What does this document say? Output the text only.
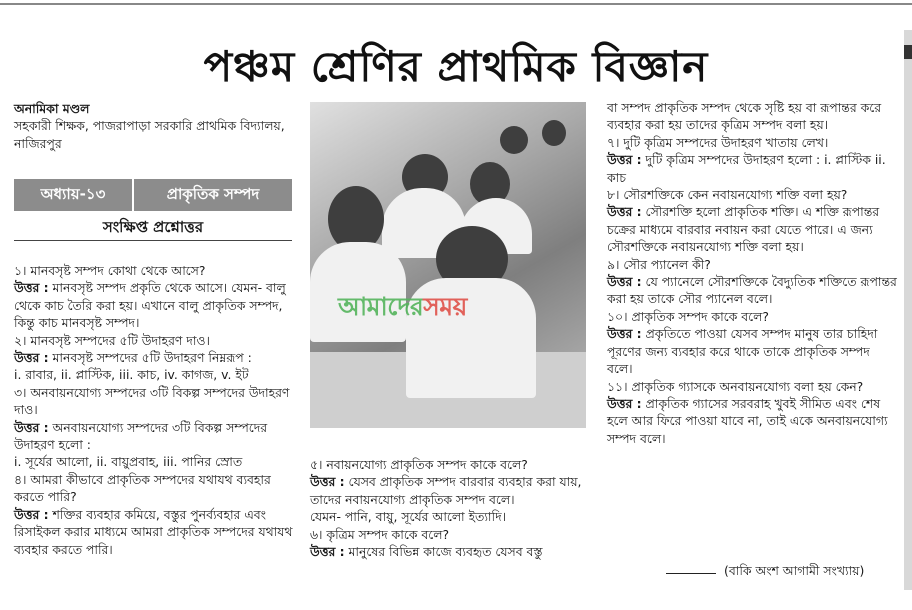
পঞ্চম শ্রেণির প্রাথমিক বিজ্ঞান

অনামিকা মণ্ডল

সহকারী শিক্ষক, পাজরাপাড়া সরকারি প্রাথমিক বিদ্যালয়, নাজিরপুর

অধ্যায়-১৩	প্রাকৃতিক সম্পদ
সংক্ষিপ্ত প্রশ্নোত্তর

১। মানবসৃষ্ট সম্পদ কোথা থেকে আসে?

উত্তর : মানবসৃষ্ট সম্পদ প্রকৃতি থেকে আসে। যেমন- বালু থেকে কাচ তৈরি করা হয়। এখানে বালু প্রাকৃতিক সম্পদ, কিন্তু কাচ মানবসৃষ্ট সম্পদ।

২। মানবসৃষ্ট সম্পদের ৫টি উদাহরণ দাও।

উত্তর : মানবসৃষ্ট সম্পদের ৫টি উদাহরণ নিম্নরূপ :

i. রাবার, ii. প্লাস্টিক, iii. কাচ, iv. কাগজ, v. ইট

৩। অনবায়নযোগ্য সম্পদের ৩টি বিকল্প সম্পদের উদাহরণ দাও।

উত্তর : অনবায়নযোগ্য সম্পদের ৩টি বিকল্প সম্পদের উদাহরণ হলো :

i. সূর্যের আলো, ii. বায়ুপ্রবাহ, iii. পানির স্রোত

৪। আমরা কীভাবে প্রাকৃতিক সম্পদের যথাযথ ব্যবহার করতে পারি?

উত্তর : শক্তির ব্যবহার কমিয়ে, বস্তুর পুনর্ব্যবহার এবং রিসাইকল করার মাধ্যমে আমরা প্রাকৃতিক সম্পদের যথাযথ ব্যবহার করতে পারি।

আমাদেরসময়

৫। নবায়নযোগ্য প্রাকৃতিক সম্পদ কাকে বলে?

উত্তর : যেসব প্রাকৃতিক সম্পদ বারবার ব্যবহার করা যায়, তাদের নবায়নযোগ্য প্রাকৃতিক সম্পদ বলে।

যেমন- পানি, বায়ু, সূর্যের আলো ইত্যাদি।

৬। কৃত্রিম সম্পদ কাকে বলে?

উত্তর : মানুষের বিভিন্ন কাজে ব্যবহৃত যেসব বস্তু

বা সম্পদ প্রাকৃতিক সম্পদ থেকে সৃষ্টি হয় বা রূপান্তর করে ব্যবহার করা হয় তাদের কৃত্রিম সম্পদ বলা হয়।

৭। দুটি কৃত্রিম সম্পদের উদাহরণ খাতায় লেখ।

উত্তর : দুটি কৃত্রিম সম্পদের উদাহরণ হলো : i. প্লাস্টিক ii. কাচ

৮। সৌরশক্তিকে কেন নবায়নযোগ্য শক্তি বলা হয়?

উত্তর : সৌরশক্তি হলো প্রাকৃতিক শক্তি। এ শক্তি রূপান্তর চক্রের মাধ্যমে বারবার নবায়ন করা যেতে পারে। এ জন্য সৌরশক্তিকে নবায়নযোগ্য শক্তি বলা হয়।

৯। সৌর প্যানেল কী?

উত্তর : যে প্যানেলে সৌরশক্তিকে বৈদ্যুতিক শক্তিতে রূপান্তর করা হয় তাকে সৌর প্যানেল বলে।

১০। প্রাকৃতিক সম্পদ কাকে বলে?

উত্তর : প্রকৃতিতে পাওয়া যেসব সম্পদ মানুষ তার চাহিদা পূরণের জন্য ব্যবহার করে থাকে তাকে প্রাকৃতিক সম্পদ বলে।

১১। প্রাকৃতিক গ্যাসকে অনবায়নযোগ্য বলা হয় কেন?

উত্তর : প্রাকৃতিক গ্যাসের সরবরাহ খুবই সীমিত এবং শেষ হলে আর ফিরে পাওয়া যাবে না, তাই একে অনবায়নযোগ্য সম্পদ বলে।

(বাকি অংশ আগামী সংখ্যায়)
